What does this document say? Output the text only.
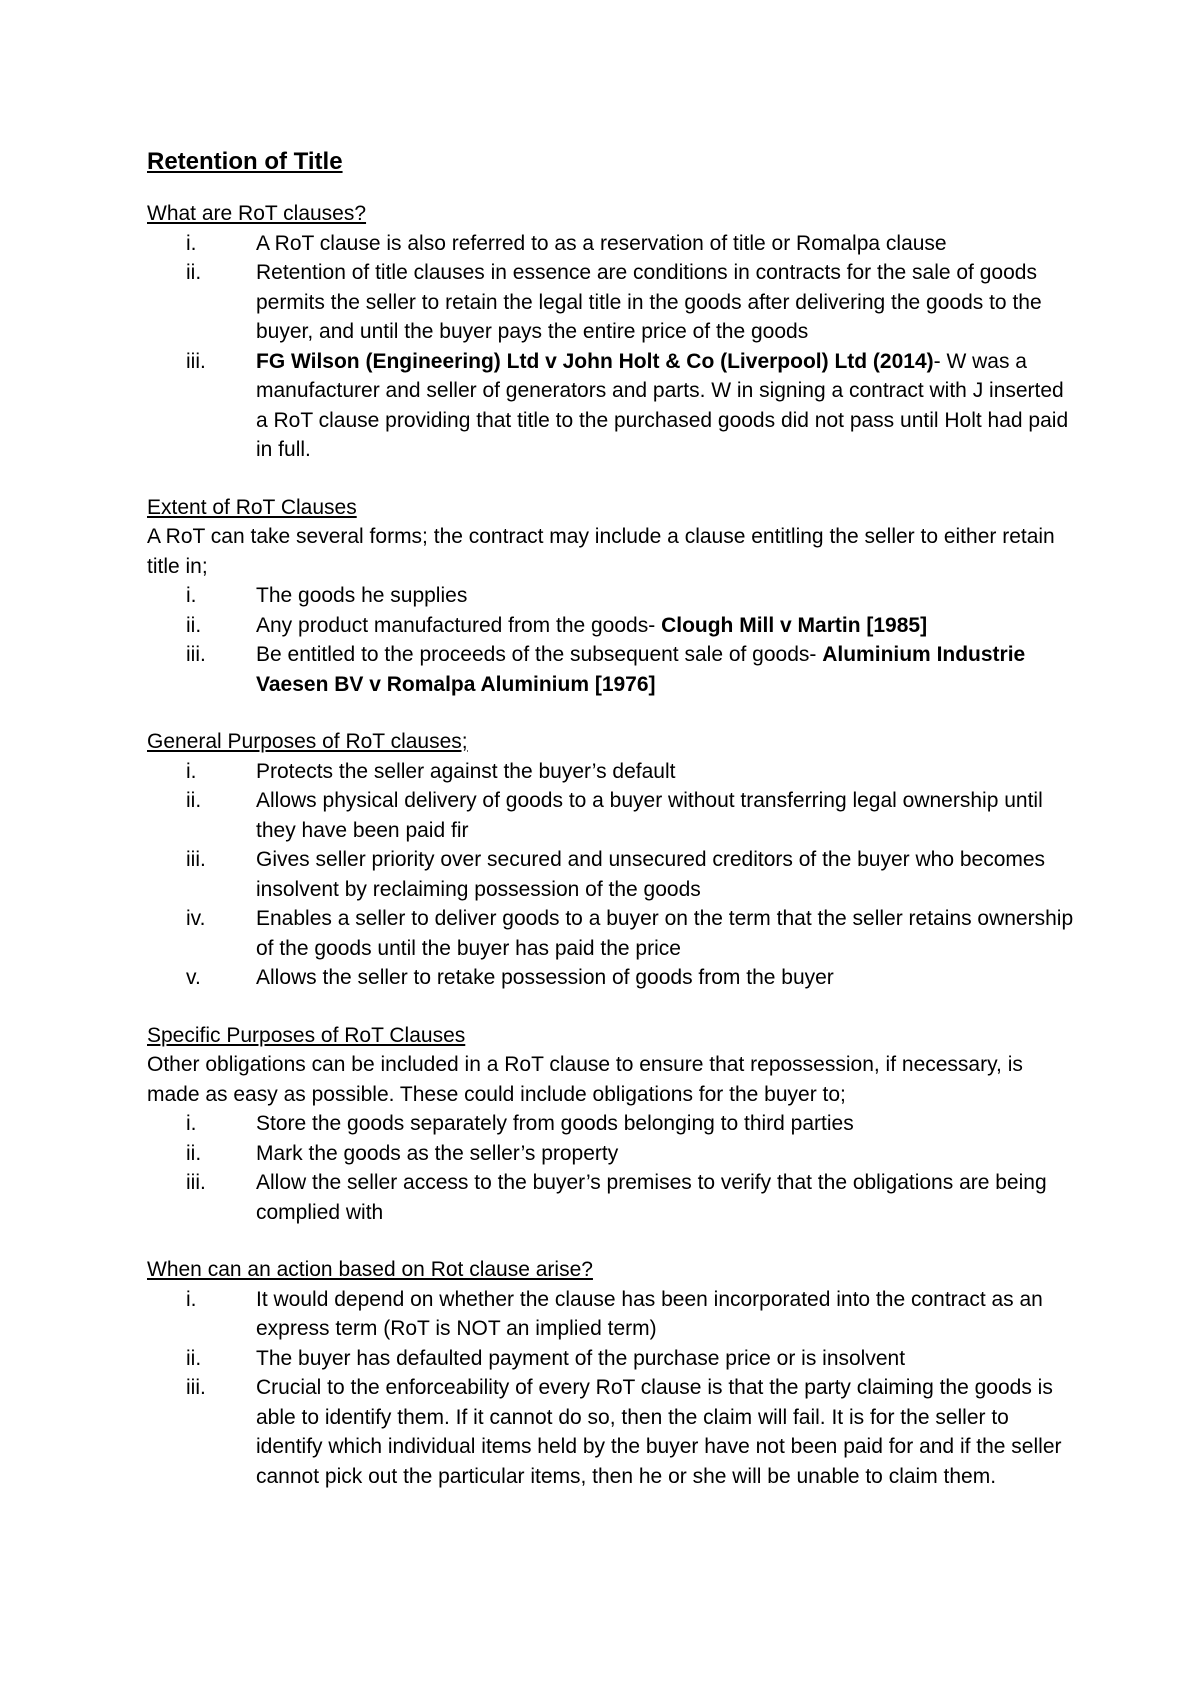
Retention of Title

What are RoT clauses?

i.	A RoT clause is also referred to as a reservation of title or Romalpa clause
ii.	Retention of title clauses in essence are conditions in contracts for the sale of goods permits the seller to retain the legal title in the goods after delivering the goods to the buyer, and until the buyer pays the entire price of the goods
iii. FG Wilson (Engineering) Ltd v John Holt & Co (Liverpool) Ltd (2014)- W was a manufacturer and seller of generators and parts. W in signing a contract with J inserted a RoT clause providing that title to the purchased goods did not pass until Holt had paid in full.

Extent of RoT Clauses

A RoT can take several forms; the contract may include a clause entitling the seller to either retain title in;

i.	The goods he supplies
ii.	Any product manufactured from the goods- Clough Mill v Martin [1985]
iii. Be entitled to the proceeds of the subsequent sale of goods- Aluminium Industrie Vaesen BV v Romalpa Aluminium [1976]

General Purposes of RoT clauses;

i.	Protects the seller against the buyer’s default
ii.	Allows physical delivery of goods to a buyer without transferring legal ownership until they have been paid fir
iii. Gives seller priority over secured and unsecured creditors of the buyer who becomes insolvent by reclaiming possession of the goods
iv. Enables a seller to deliver goods to a buyer on the term that the seller retains ownership of the goods until the buyer has paid the price
v.	Allows the seller to retake possession of goods from the buyer

Specific Purposes of RoT Clauses

Other obligations can be included in a RoT clause to ensure that repossession, if necessary, is made as easy as possible. These could include obligations for the buyer to;

i.	Store the goods separately from goods belonging to third parties
ii.	Mark the goods as the seller’s property
iii. Allow the seller access to the buyer’s premises to verify that the obligations are being complied with

When can an action based on Rot clause arise?

i.	It would depend on whether the clause has been incorporated into the contract as an express term (RoT is NOT an implied term)
ii.	The buyer has defaulted payment of the purchase price or is insolvent
iii. Crucial to the enforceability of every RoT clause is that the party claiming the goods is able to identify them. If it cannot do so, then the claim will fail. It is for the seller to identify which individual items held by the buyer have not been paid for and if the seller cannot pick out the particular items, then he or she will be unable to claim them.
